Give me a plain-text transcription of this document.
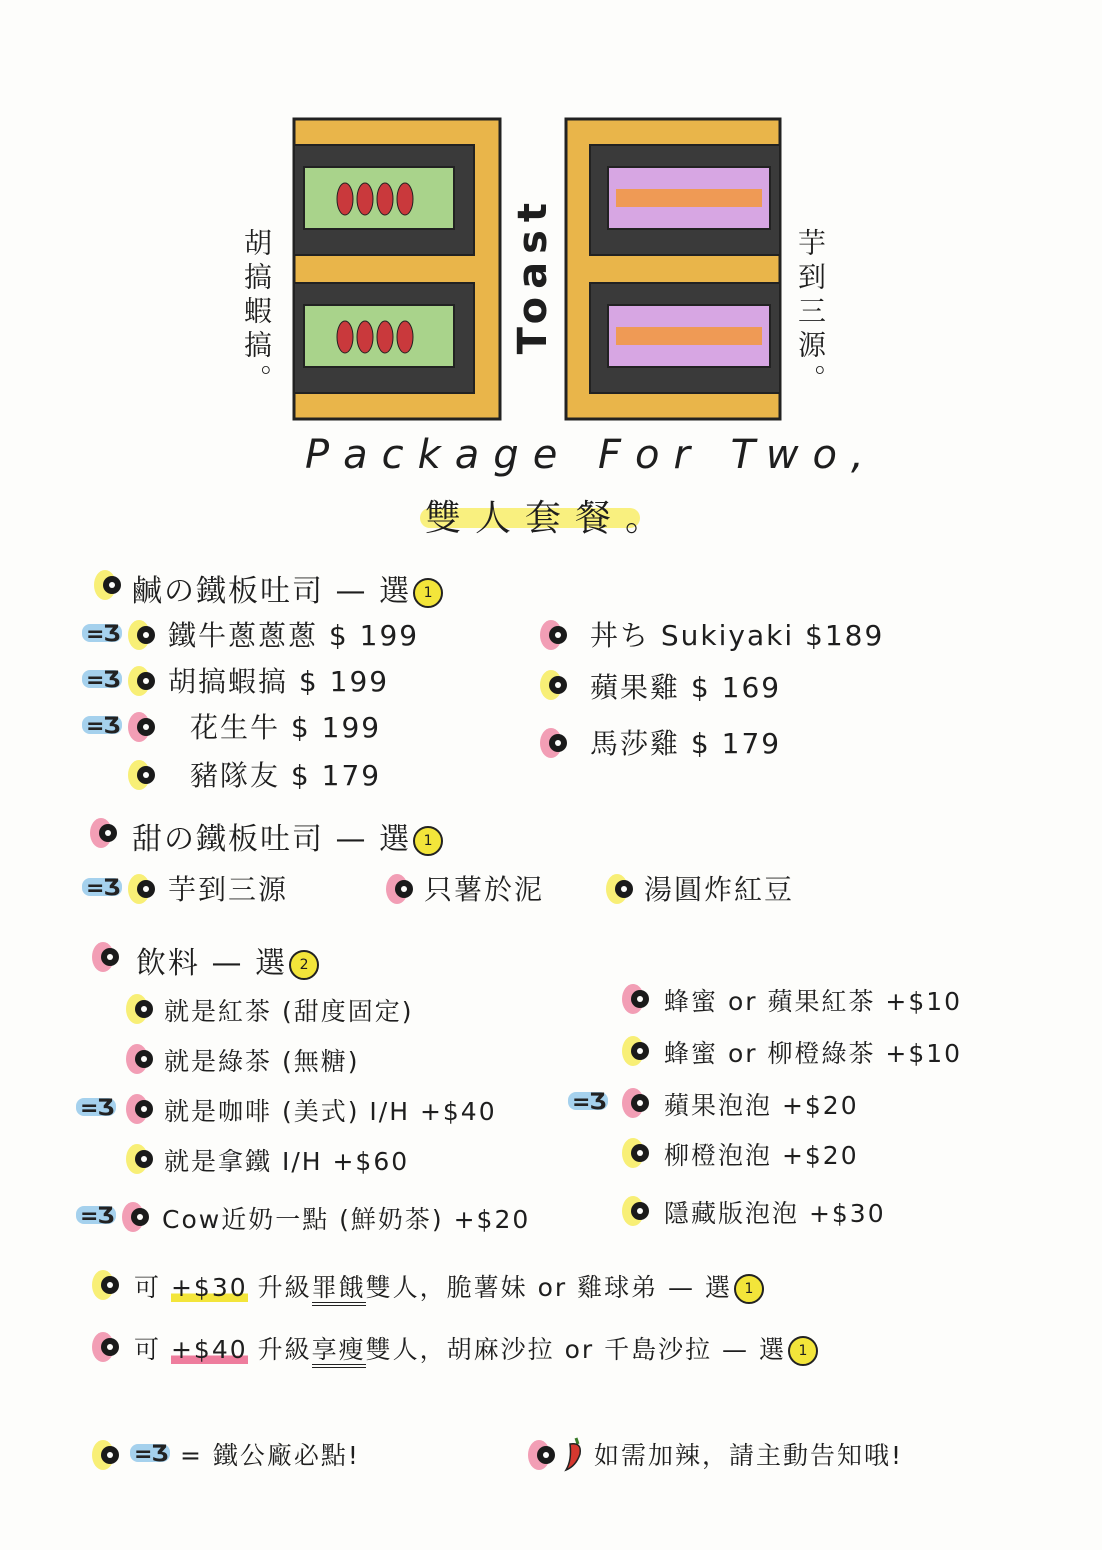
Toast
胡搞蝦搞。	芋到三源。
Package For Two,
雙人套餐。
鹹の鐵板吐司 — 選 1
=Ʒ 鐵牛蔥蔥蔥 $ 199
=Ʒ 胡搞蝦搞 $ 199
=Ʒ	花生牛 $ 199
豬隊友 $ 179
丼ち Sukiyaki $189
蘋果雞 $ 169
馬莎雞 $ 179
甜の鐵板吐司 — 選 1
=Ʒ 芋到三源	只薯於泥	湯圓炸紅豆
飲料 — 選 2
就是紅茶 (甜度固定)
就是綠茶 (無糖)
=Ʒ 就是咖啡 (美式) I/H +$40
就是拿鐵 I/H +$60
=Ʒ Cow近奶一點 (鮮奶茶) +$20
蜂蜜 or 蘋果紅茶 +$10
蜂蜜 or 柳橙綠茶 +$10
=Ʒ 蘋果泡泡 +$20
柳橙泡泡 +$20
隱藏版泡泡 +$30
可 +$30 升級罪餓雙人，脆薯妹 or 雞球弟 — 選 1
可 +$40 升級享瘦雙人，胡麻沙拉 or 千島沙拉 — 選 1
=Ʒ = 鐵公廠必點!	如需加辣，請主動告知哦!
